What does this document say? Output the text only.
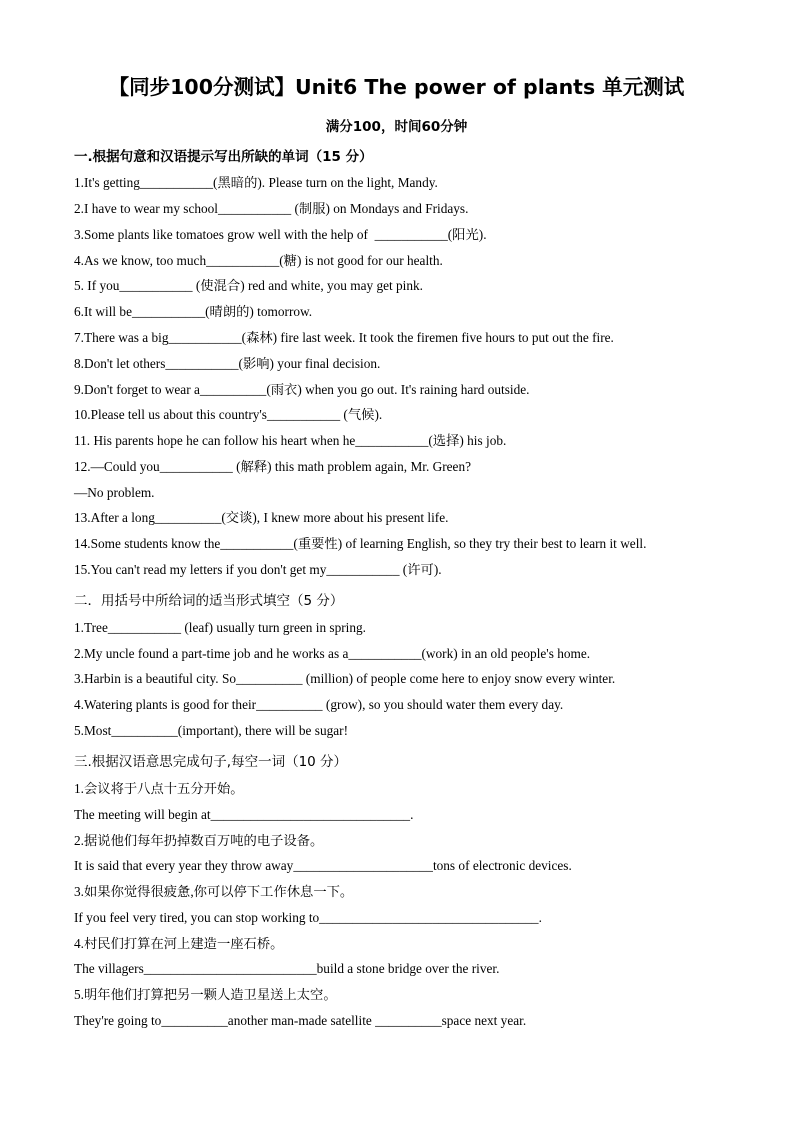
【同步100分测试】Unit6 The power of plants 单元测试
满分100，时间60分钟
一.根据句意和汉语提示写出所缺的单词（15 分）
1.It's getting___________(黑暗的). Please turn on the light, Mandy.
2.I have to wear my school___________ (制服) on Mondays and Fridays.
3.Some plants like tomatoes grow well with the help of  ___________(阳光).
4.As we know, too much___________(糖) is not good for our health.
5. If you___________ (使混合) red and white, you may get pink.
6.It will be___________(晴朗的) tomorrow.
7.There was a big___________(森林) fire last week. It took the firemen five hours to put out the fire.
8.Don't let others___________(影响) your final decision.
9.Don't forget to wear a__________(雨衣) when you go out. It's raining hard outside.
10.Please tell us about this country's___________ (气候).
11. His parents hope he can follow his heart when he___________(选择) his job.
12.—Could you___________ (解释) this math problem again, Mr. Green?
—No problem.
13.After a long__________(交谈), I knew more about his present life.
14.Some students know the___________(重要性) of learning English, so they try their best to learn it well.
15.You can't read my letters if you don't get my___________ (许可).
二．用括号中所给词的适当形式填空（5 分）
1.Tree___________ (leaf) usually turn green in spring.
2.My uncle found a part-time job and he works as a___________(work) in an old people's home.
3.Harbin is a beautiful city. So__________ (million) of people come here to enjoy snow every winter.
4.Watering plants is good for their__________ (grow), so you should water them every day.
5.Most__________(important), there will be sugar!
三.根据汉语意思完成句子,每空一词（10 分）
1.会议将于八点十五分开始。
The meeting will begin at______________________________.
2.据说他们每年扔掉数百万吨的电子设备。
It is said that every year they throw away_____________________tons of electronic devices.
3.如果你觉得很疲惫,你可以停下工作休息一下。
If you feel very tired, you can stop working to_________________________________.
4.村民们打算在河上建造一座石桥。
The villagers__________________________build a stone bridge over the river.
5.明年他们打算把另一颗人造卫星送上太空。
They're going to__________another man-made satellite __________space next year.
